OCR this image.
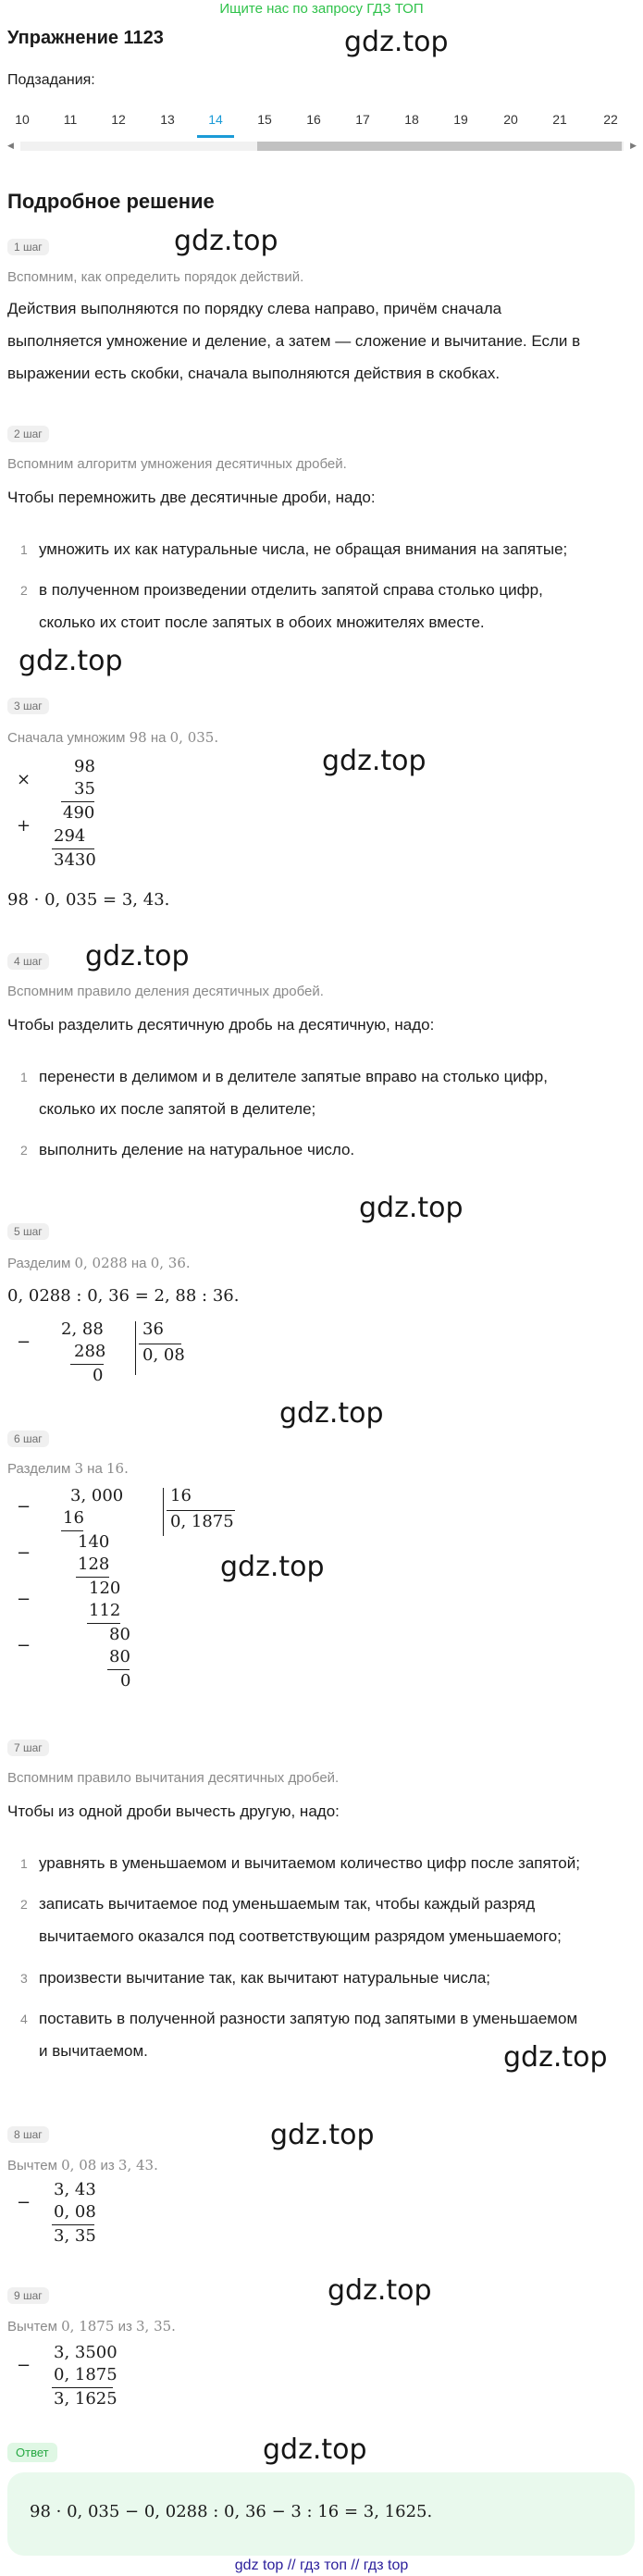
Ищите нас по запросу ГДЗ ТОП
Упражнение 1123	gdz.top
Подзадания:
10	11	12	13	14	15	16	17	18	19	20	21	22
◀	▶
Подробное решение
gdz.top
1 шаг
Вспомним, как определить порядок действий.
Действия выполняются по порядку слева направо, причём сначала
выполняется умножение и деление, а затем — сложение и вычитание. Если в
выражении есть скобки, сначала выполняются действия в скобках.
2 шаг
Вспомним алгоритм умножения десятичных дробей.
Чтобы перемножить две десятичные дроби, надо:
1 умножить их как натуральные числа, не обращая внимания на запятые;
2 в полученном произведении отделить запятой справа столько цифр,
сколько их стоит после запятых в обоих множителях вместе.
gdz.top
3 шаг
Сначала умножим 98 на 0, 035.
gdz.top
×
98
35
490
+
294
3430
98 · 0, 035 = 3, 43.
gdz.top
4 шаг
Вспомним правило деления десятичных дробей.
Чтобы разделить десятичную дробь на десятичную, надо:
1 перенести в делимом и в делителе запятые вправо на столько цифр,
сколько их после запятой в делителе;
2 выполнить деление на натуральное число.
gdz.top
5 шаг
Разделим 0, 0288 на 0, 36.
0, 0288 : 0, 36 = 2, 88 : 36.
−
2, 88 36
0, 08
288
0
gdz.top
6 шаг
Разделим 3 на 16.
3, 000	16
0, 1875
−
16
140
−
128
120
−
112
80
−
80
0
gdz.top
7 шаг
Вспомним правило вычитания десятичных дробей.
Чтобы из одной дроби вычесть другую, надо:
1 уравнять в уменьшаемом и вычитаемом количество цифр после запятой;
2 записать вычитаемое под уменьшаемым так, чтобы каждый разряд
вычитаемого оказался под соответствующим разрядом уменьшаемого;
3 произвести вычитание так, как вычитают натуральные числа;
4 поставить в полученной разности запятую под запятыми в уменьшаемом
и вычитаемом.	gdz.top
gdz.top
8 шаг
Вычтем 0, 08 из 3, 43.
−
3, 43
0, 08
3, 35
gdz.top
9 шаг
Вычтем 0, 1875 из 3, 35.
−
3, 3500
0, 1875
3, 1625
gdz.top
Ответ
98 · 0, 035 − 0, 0288 : 0, 36 − 3 : 16 = 3, 1625.
gdz top // гдз топ // гдз top
